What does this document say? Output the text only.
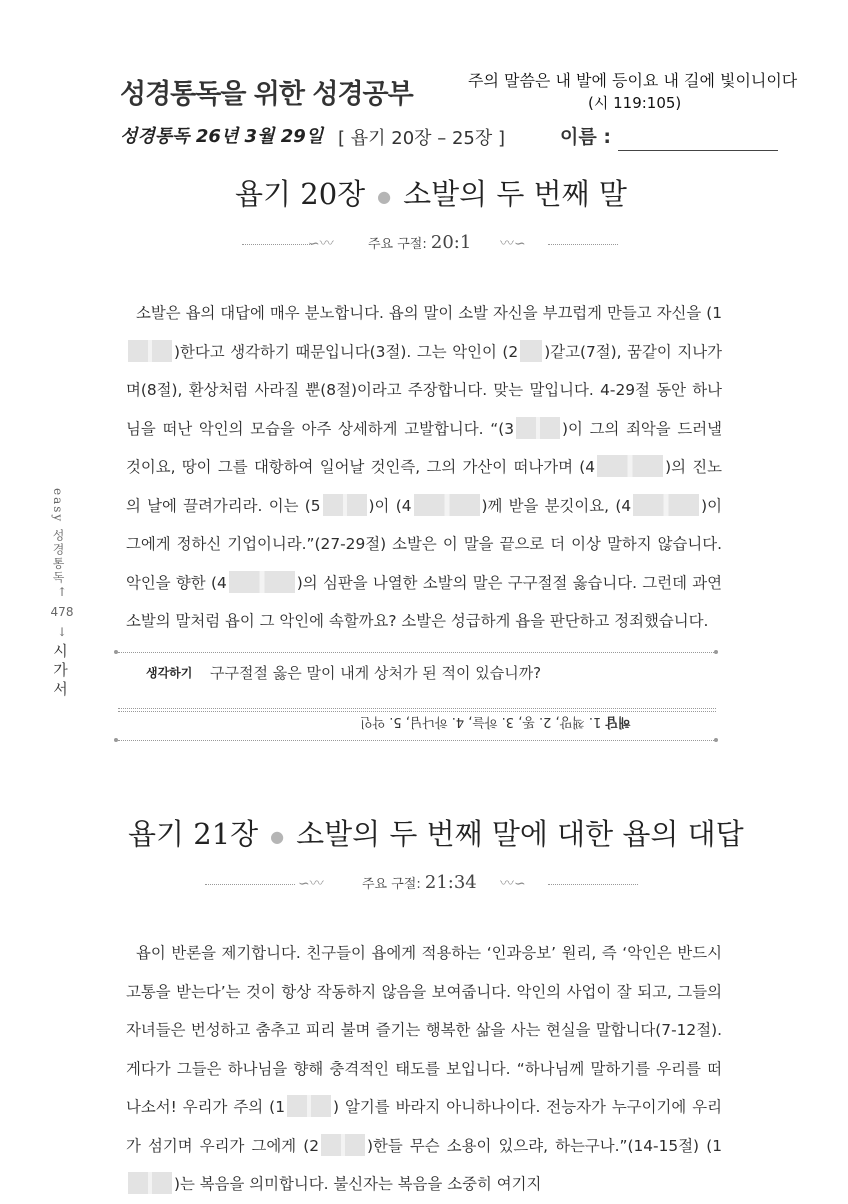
성경통독을 위한 성경공부	주의 말씀은 내 발에 등이요 내 길에 빛이니이다
(시 119:105)
성경통독 26년 3월 29일 [ 욥기 20장 – 25장 ]	이름 :
easy 성경통독
↑
478
↓
시가서
욥기 20장 ● 소발의 두 번째 말
∽〰	주요 구절: 20:1 〰∽
소발은 욥의 대답에 매우 분노합니다. 욥의 말이 소발 자신을 부끄럽게 만들고 자신을 (1)한다고 생각하기 때문입니다(3절). 그는 악인이 (2 )같고(7절), 꿈같이 지나가며(8절), 환상처럼 사라질 뿐(8절)이라고 주장합니다. 맞는 말입니다. 4-29절 동안 하나님을 떠난 악인의 모습을 아주 상세하게 고발합니다. “(3	)이 그의 죄악을 드러낼 것이요, 땅이 그를 대항하여 일어날 것인즉, 그의 가산이 떠나가며 (4	)의 진노의 날에 끌려가리라. 이는 (5	)이 (4	)께 받을 분깃이요, (4	)이 그에게 정하신 기업이니라.”(27-29절) 소발은 이 말을 끝으로 더 이상 말하지 않습니다. 악인을 향한 (4	)의 심판을 나열한 소발의 말은 구구절절 옳습니다. 그런데 과연 소발의 말처럼 욥이 그 악인에 속할까요? 소발은 성급하게 욥을 판단하고 정죄했습니다.
생각하기 구구절절 옳은 말이 내게 상처가 된 적이 있습니까?
해답 1. 책망, 2. 똥, 3. 하늘, 4. 하나님, 5. 악인
욥기 21장 ● 소발의 두 번째 말에 대한 욥의 대답
∽〰	주요 구절: 21:34 〰∽
욥이 반론을 제기합니다. 친구들이 욥에게 적용하는 ‘인과응보’ 원리, 즉 ‘악인은 반드시 고통을 받는다’는 것이 항상 작동하지 않음을 보여줍니다. 악인의 사업이 잘 되고, 그들의 자녀들은 번성하고 춤추고 피리 불며 즐기는 행복한 삶을 사는 현실을 말합니다(7-12절). 게다가 그들은 하나님을 향해 충격적인 태도를 보입니다. “하나님께 말하기를 우리를 떠나소서! 우리가 주의 (1	) 알기를 바라지 아니하나이다. 전능자가 누구이기에 우리가 섬기며 우리가 그에게 (2	)한들 무슨 소용이 있으랴, 하는구나.”(14-15절) (1)는 복음을 의미합니다. 불신자는 복음을 소중히 여기지
